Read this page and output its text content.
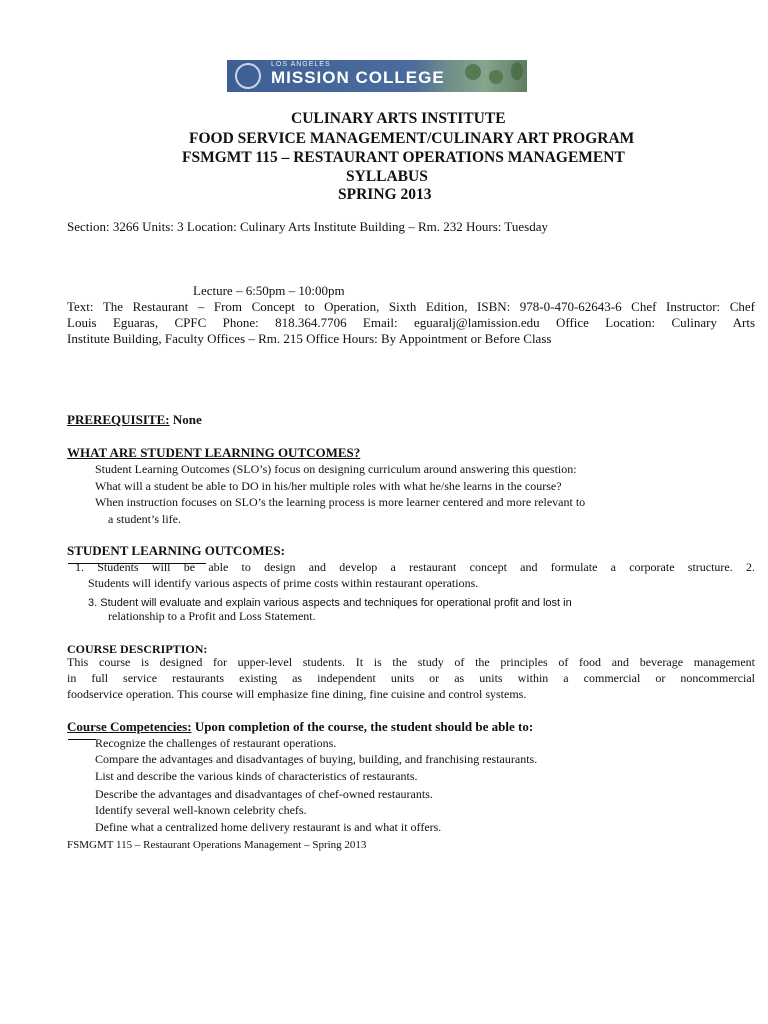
LOS ANGELES
MISSION COLLEGE
CULINARY ARTS INSTITUTE
FOOD SERVICE MANAGEMENT/CULINARY ART PROGRAM
FSMGMT 115 – RESTAURANT OPERATIONS MANAGEMENT
SYLLABUS
SPRING 2013
Section: 3266 Units: 3 Location: Culinary Arts Institute Building – Rm. 232 Hours: Tuesday
Lecture – 6:50pm – 10:00pm
Text: The Restaurant – From Concept to Operation, Sixth Edition, ISBN: 978-0-470-62643-6 Chef Instructor: Chef
Louis Eguaras, CPFC Phone: 818.364.7706 Email: eguaralj@lamission.edu Office Location: Culinary Arts
Institute Building, Faculty Offices – Rm. 215 Office Hours: By Appointment or Before Class
PREREQUISITE: None
WHAT ARE STUDENT LEARNING OUTCOMES?
Student Learning Outcomes (SLO’s) focus on designing curriculum around answering this question:
What will a student be able to DO in his/her multiple roles with what he/she learns in the course?
When instruction focuses on SLO’s the learning process is more learner centered and more relevant to
a student’s life.
STUDENT LEARNING OUTCOMES:
1. Students will be able to design and develop a restaurant concept and formulate a corporate structure. 2.
Students will identify various aspects of prime costs within restaurant operations.
3. Student will evaluate and explain various aspects and techniques for operational profit and lost in
relationship to a Profit and Loss Statement.
COURSE DESCRIPTION:
This course is designed for upper-level students. It is the study of the principles of food and beverage management
in full service restaurants existing as independent units or as units within a commercial or noncommercial
foodservice operation. This course will emphasize fine dining, fine cuisine and control systems.
Course Competencies: Upon completion of the course, the student should be able to:
Recognize the challenges of restaurant operations.
Compare the advantages and disadvantages of buying, building, and franchising restaurants.
List and describe the various kinds of characteristics of restaurants.
Describe the advantages and disadvantages of chef-owned restaurants.
Identify several well-known celebrity chefs.
Define what a centralized home delivery restaurant is and what it offers.
FSMGMT 115 – Restaurant Operations Management – Spring 2013
